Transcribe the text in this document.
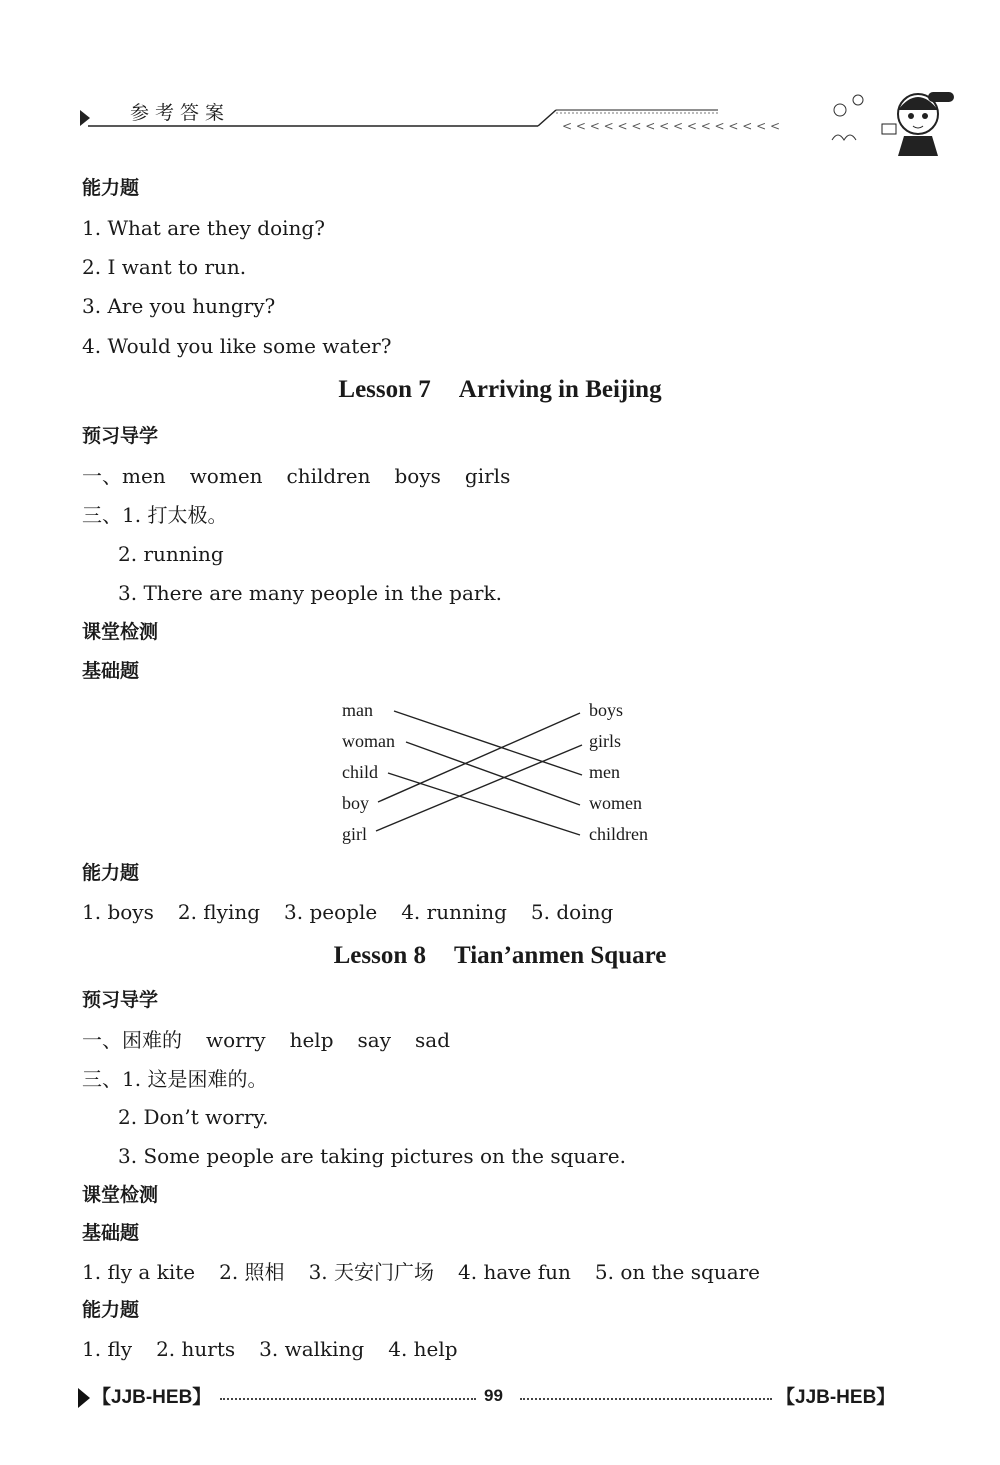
< < < < < < < < < < < < < < < <
参考答案
能力题
1. What are they doing?
2. I want to run.
3. Are you hungry?
4. Would you like some water?
Lesson 7 Arriving in Beijing
预习导学
一、men women children boys girls
三、1. 打太极。
2. running
3. There are many people in the park.
课堂检测
基础题
man
woman
child
boy
girl
boys
girls
men
women
children
能力题
1. boys 2. flying 3. people 4. running 5. doing
Lesson 8 Tian’anmen Square
预习导学
一、困难的 worry help say sad
三、1. 这是困难的。
2. Don’t worry.
3. Some people are taking pictures on the square.
课堂检测
基础题
1. fly a kite 2. 照相 3. 天安门广场 4. have fun 5. on the square
能力题
1. fly 2. hurts 3. walking 4. help
【JJB-HEB】	99	【JJB-HEB】
